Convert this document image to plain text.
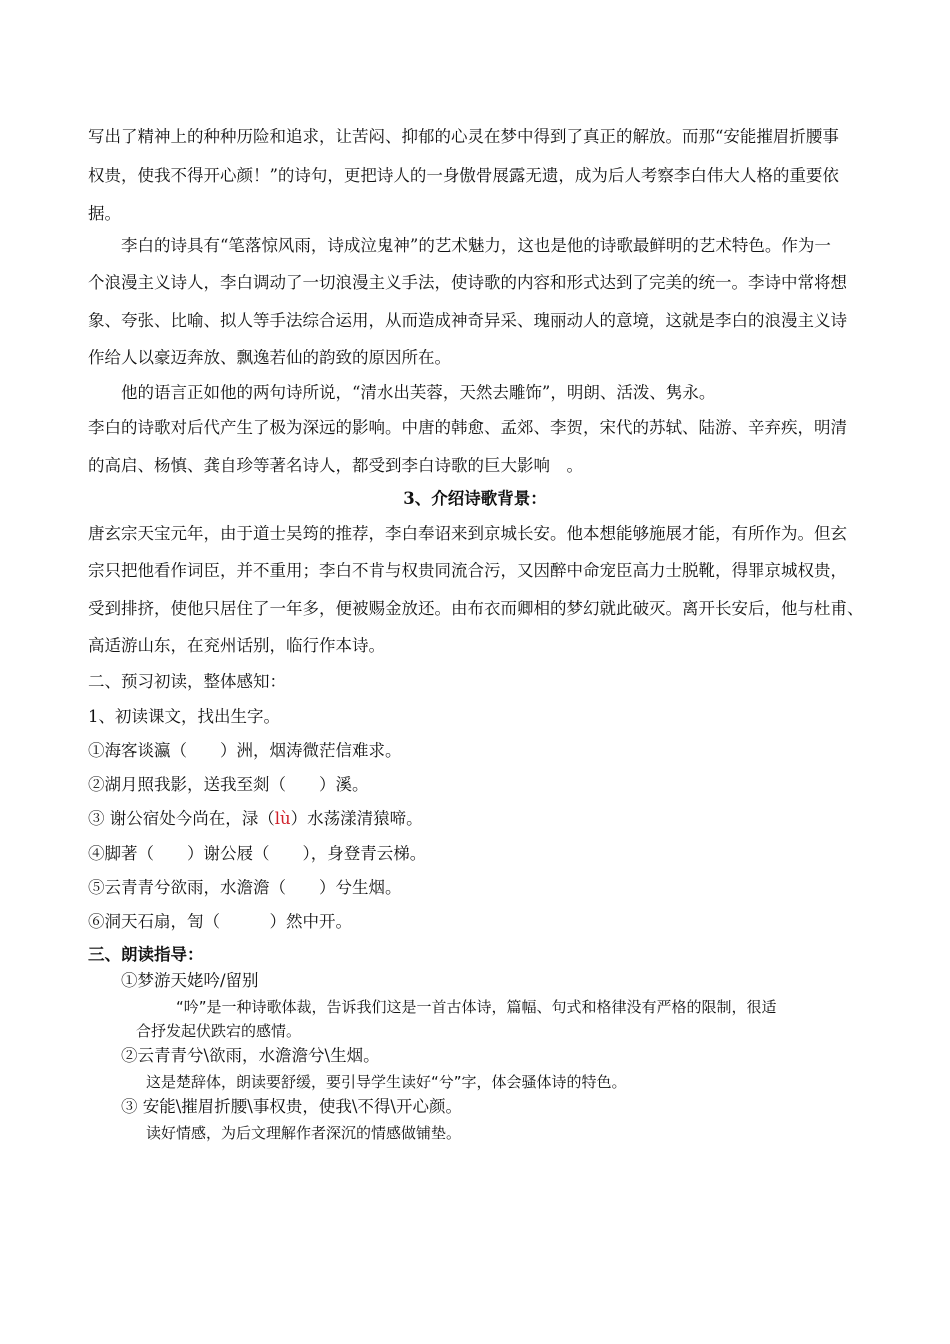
写出了精神上的种种历险和追求，让苦闷、抑郁的心灵在梦中得到了真正的解放。而那“安能摧眉折腰事
权贵，使我不得开心颜！”的诗句，更把诗人的一身傲骨展露无遗，成为后人考察李白伟大人格的重要依
据。
李白的诗具有“笔落惊风雨，诗成泣鬼神”的艺术魅力，这也是他的诗歌最鲜明的艺术特色。作为一
个浪漫主义诗人，李白调动了一切浪漫主义手法，使诗歌的内容和形式达到了完美的统一。李诗中常将想
象、夸张、比喻、拟人等手法综合运用，从而造成神奇异采、瑰丽动人的意境，这就是李白的浪漫主义诗
作给人以豪迈奔放、飘逸若仙的韵致的原因所在。
他的语言正如他的两句诗所说，“清水出芙蓉，天然去雕饰”，明朗、活泼、隽永。
李白的诗歌对后代产生了极为深远的影响。中唐的韩愈、孟郊、李贺，宋代的苏轼、陆游、辛弃疾，明清
的高启、杨慎、龚自珍等著名诗人，都受到李白诗歌的巨大影响　。
3、介绍诗歌背景：
唐玄宗天宝元年，由于道士吴筠的推荐，李白奉诏来到京城长安。他本想能够施展才能，有所作为。但玄
宗只把他看作词臣，并不重用；李白不肯与权贵同流合污，又因醉中命宠臣高力士脱靴，得罪京城权贵，
受到排挤，使他只居住了一年多，便被赐金放还。由布衣而卿相的梦幻就此破灭。离开长安后，他与杜甫、
高适游山东，在兖州话别，临行作本诗。
二、预习初读，整体感知：
1、初读课文，找出生字。
①海客谈瀛（　　）洲，烟涛微茫信难求。
②湖月照我影，送我至剡（　　）溪。
③ 谢公宿处今尚在，渌（lù）水荡漾清猿啼。
④脚著（　　）谢公屐（　　），身登青云梯。
⑤云青青兮欲雨，水澹澹（　　）兮生烟。
⑥洞天石扇，訇（　　　）然中开。
三、朗读指导：
①梦游天姥吟/留别
“吟”是一种诗歌体裁，告诉我们这是一首古体诗，篇幅、句式和格律没有严格的限制，很适
合抒发起伏跌宕的感情。
②云青青兮\欲雨，水澹澹兮\生烟。
这是楚辞体，朗读要舒缓，要引导学生读好“兮”字，体会骚体诗的特色。
③ 安能\摧眉折腰\事权贵，使我\不得\开心颜。
读好情感，为后文理解作者深沉的情感做铺垫。
